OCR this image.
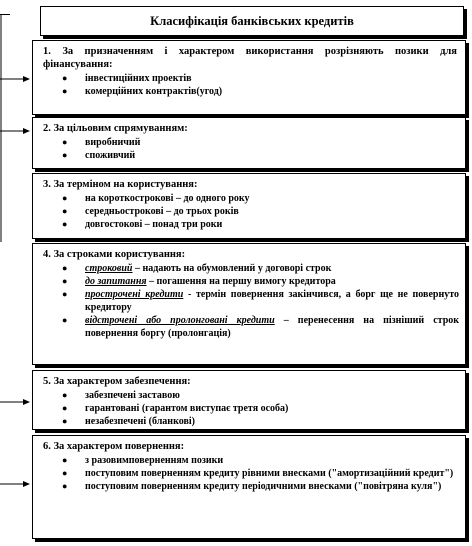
Класифікація банківських кредитів
1. За призначенням і характером використання розрізняють позики для фінансування:
● інвестиційних проектів
● комерційних контрактів(угод)
2. За цільовим спрямуванням:
● виробничий
● споживчий
3. За терміном на користування:
● на короткострокові – до одного року
● середньострокові – до трьох років
● довгостокові – понад три роки
4. За строками користування:
● строковий – надають на обумовлений у договорі строк
● до запитання – погашення на першу вимогу кредитора
● прострочені кредити - термін повернення закінчився, а борг ще не повернуто кредитору
● відстрочені або пролонговані кредити – перенесення на пізніший строк повернення боргу (пролонгація)
5. За характером забезпечення:
● забезпечені заставою
● гарантовані (гарантом виступає третя особа)
● незабезпечені (бланкові)
6. За характером повернення:
● з разовимповерненням позики
● поступовим поверненням кредиту рівними внесками ("амортизаційний кредит")
● поступовим поверненням кредиту періодичними внесками ("повітряна куля")
